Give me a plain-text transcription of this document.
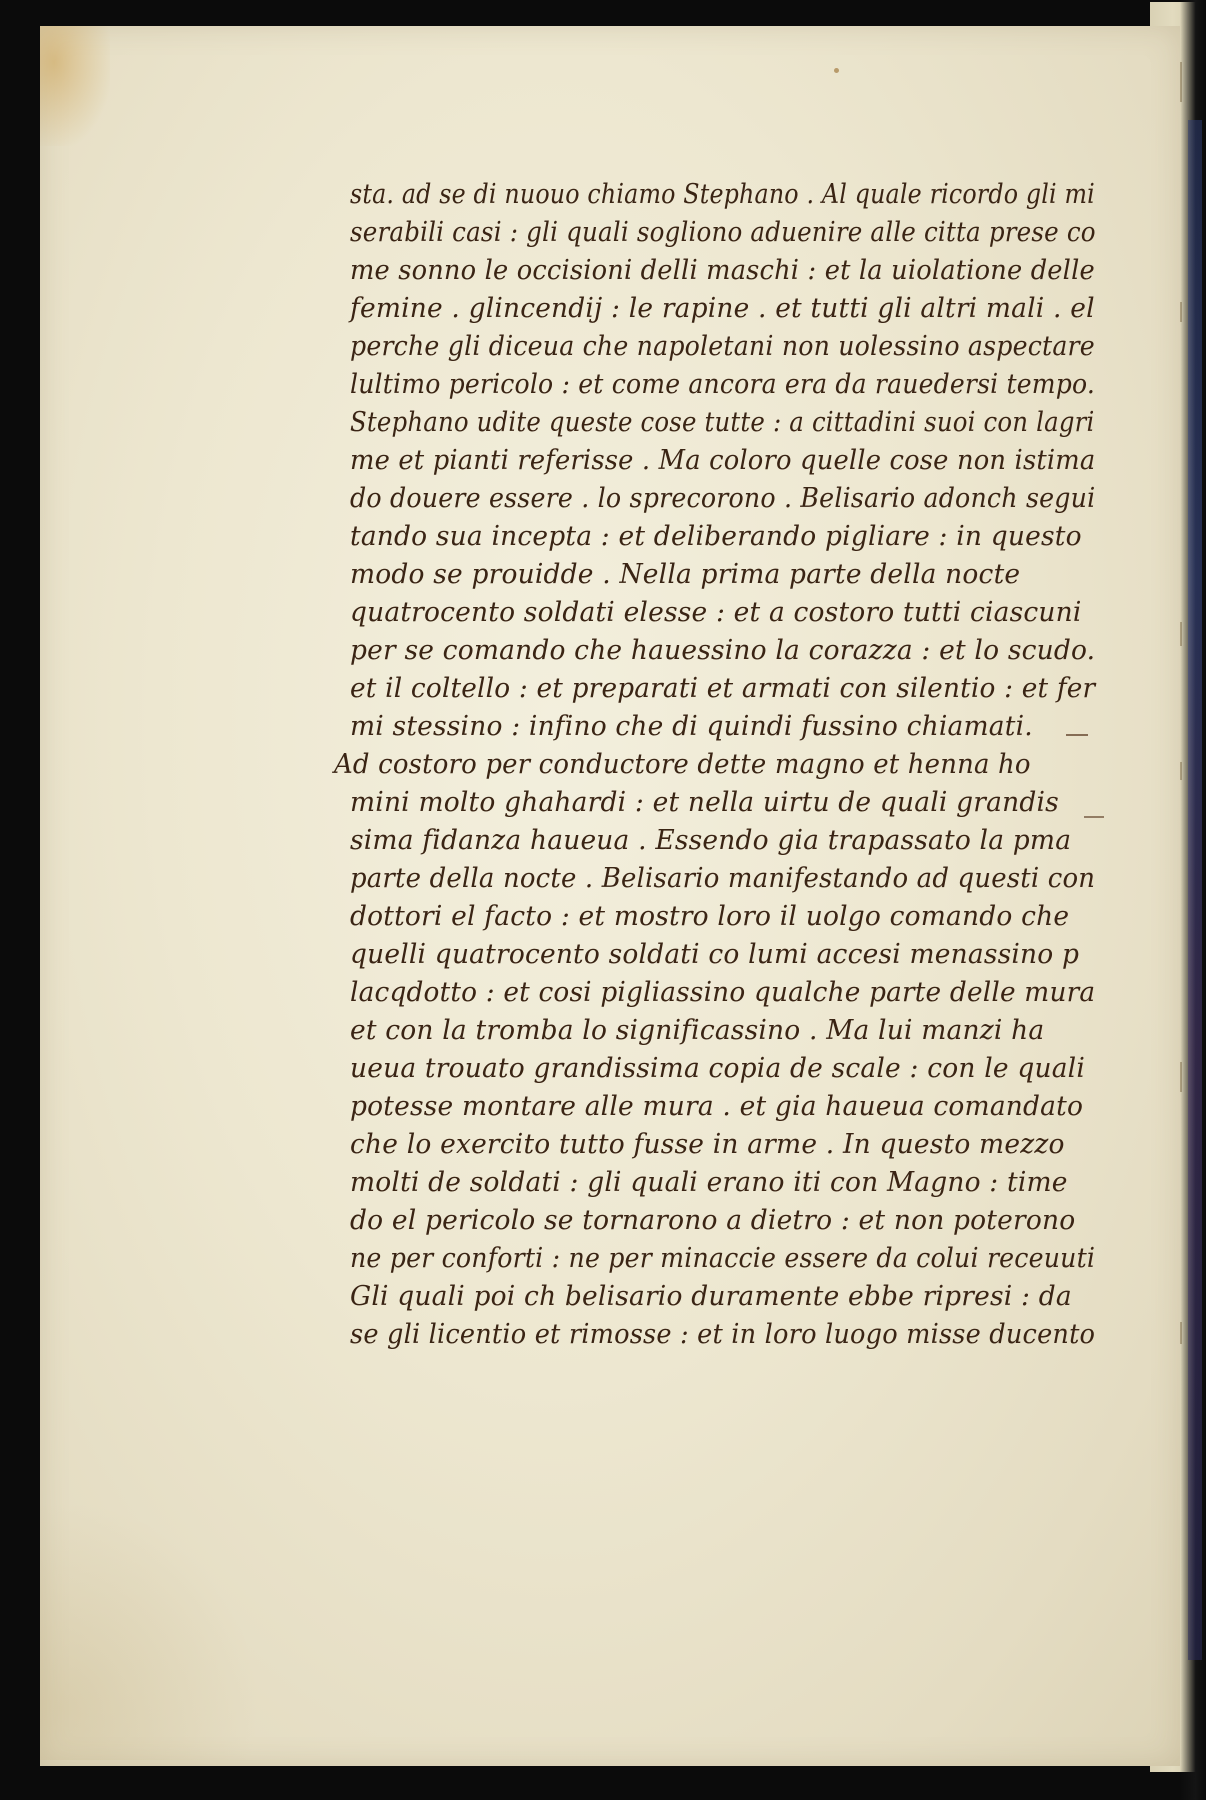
sta. ad se di nuouo chiamo Stephano . Al quale ricordo gli mi
serabili casi : gli quali sogliono aduenire alle citta prese co
me sonno le occisioni delli maschi : et la uiolatione delle
femine . glincendij : le rapine . et tutti gli altri mali . el
perche gli diceua che napoletani non uolessino aspectare
lultimo pericolo : et come ancora era da rauedersi tempo.
Stephano udite queste cose tutte : a cittadini suoi con lagri
me et pianti referisse . Ma coloro quelle cose non istima
do douere essere . lo sprecorono . Belisario adonch segui
tando sua incepta : et deliberando pigliare : in questo
modo se prouidde . Nella prima parte della nocte
quatrocento soldati elesse : et a costoro tutti ciascuni
per se comando che hauessino la corazza : et lo scudo.
et il coltello : et preparati et armati con silentio : et fer
mi stessino : infino che di quindi fussino chiamati.
Ad costoro per conductore dette magno et henna ho
mini molto ghahardi : et nella uirtu de quali grandis
sima fidanza haueua . Essendo gia trapassato la pma
parte della nocte . Belisario manifestando ad questi con
dottori el facto : et mostro loro il uolgo comando che
quelli quatrocento soldati co lumi accesi menassino p
lacqdotto : et cosi pigliassino qualche parte delle mura
et con la tromba lo significassino . Ma lui manzi ha
ueua trouato grandissima copia de scale : con le quali
potesse montare alle mura . et gia haueua comandato
che lo exercito tutto fusse in arme . In questo mezzo
molti de soldati : gli quali erano iti con Magno : time
do el pericolo se tornarono a dietro : et non poterono
ne per conforti : ne per minaccie essere da colui receuuti
Gli quali poi ch belisario duramente ebbe ripresi : da
se gli licentio et rimosse : et in loro luogo misse ducento
